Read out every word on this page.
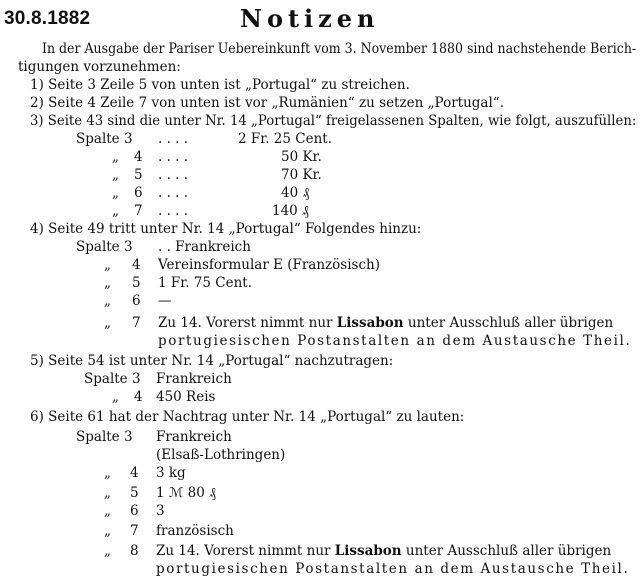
30.8.1882	Notizen
In der Ausgabe der Pariser Uebereinkunft vom 3. November 1880 sind nachstehende Berich-
tigungen vorzunehmen:
1) Seite 3 Zeile 5 von unten ist „Portugal“ zu streichen.
2) Seite 4 Zeile 7 von unten ist vor „Rumänien“ zu setzen „Portugal“.
3) Seite 43 sind die unter Nr. 14 „Portugal“ freigelassenen Spalten, wie folgt, auszufüllen:
Spalte 3 . . . .	2 Fr. 25 Cent.
„ 4 . . . .	50 Kr.
„ 5 . . . .	70 Kr.
„ 6 . . . .	40 ₰
„ 7 . . . .	140 ₰
4) Seite 49 tritt unter Nr. 14 „Portugal“ Folgendes hinzu:
Spalte 3 . . Frankreich
„ 4 Vereinsformular E (Französisch)
„ 5 1 Fr. 75 Cent.
„ 6 —
„ 7 Zu 14. Vorerst nimmt nur Lissabon unter Ausschluß aller übrigen
portugiesischen Postanstalten an dem Austausche Theil.
5) Seite 54 ist unter Nr. 14 „Portugal“ nachzutragen:
Spalte 3 Frankreich
„ 4 450 Reis
6) Seite 61 hat der Nachtrag unter Nr. 14 „Portugal“ zu lauten:
Spalte 3 Frankreich
(Elsaß-Lothringen)
„ 4 3 kg
„ 5 1 ℳ 80 ₰
„ 6 3
„ 7 französisch
„ 8 Zu 14. Vorerst nimmt nur Lissabon unter Ausschluß aller übrigen
portugiesischen Postanstalten an dem Austausche Theil.
